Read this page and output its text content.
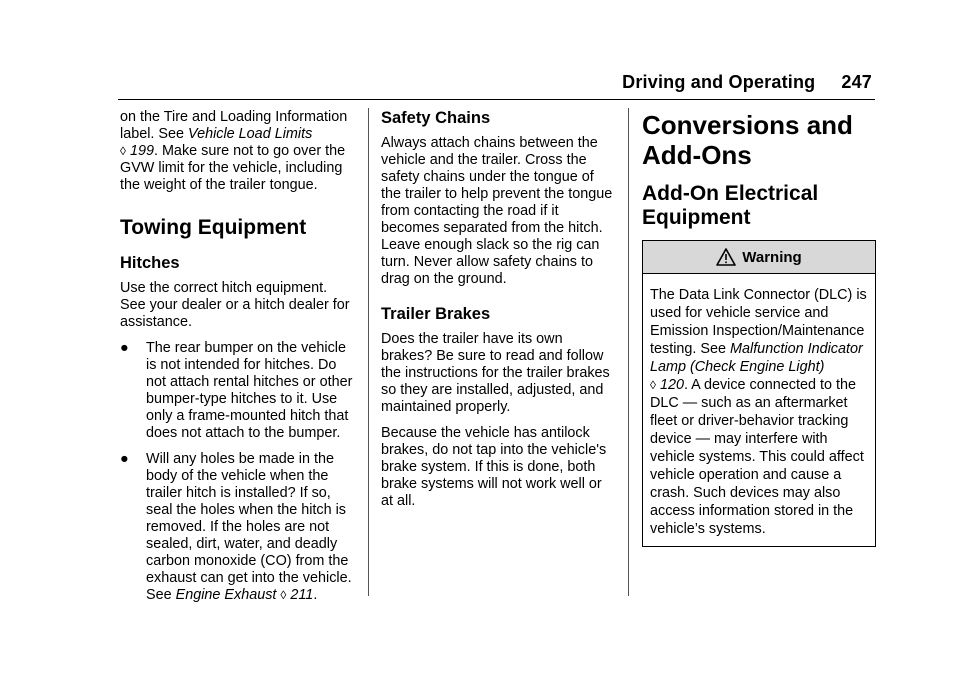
Driving and Operating 247

on the Tire and Loading Information label. See Vehicle Load Limits
◊ 199. Make sure not to go over the GVW limit for the vehicle, including the weight of the trailer tongue.

Towing Equipment
Hitches

Use the correct hitch equipment. See your dealer or a hitch dealer for assistance.

● The rear bumper on the vehicle is not intended for hitches. Do not attach rental hitches or other bumper-type hitches to it. Use only a frame-mounted hitch that does not attach to the bumper.
● Will any holes be made in the body of the vehicle when the trailer hitch is installed? If so, seal the holes when the hitch is removed. If the holes are not sealed, dirt, water, and deadly carbon monoxide (CO) from the exhaust can get into the vehicle. See Engine Exhaust ◊ 211.
Safety Chains

Always attach chains between the vehicle and the trailer. Cross the safety chains under the tongue of the trailer to help prevent the tongue from contacting the road if it becomes separated from the hitch. Leave enough slack so the rig can turn. Never allow safety chains to drag on the ground.

Trailer Brakes

Does the trailer have its own brakes? Be sure to read and follow the instructions for the trailer brakes so they are installed, adjusted, and maintained properly.

Because the vehicle has antilock brakes, do not tap into the vehicle's brake system. If this is done, both brake systems will not work well or at all.

Conversions and Add-Ons
Add-On Electrical Equipment
Warning
The Data Link Connector (DLC) is used for vehicle service and Emission Inspection/Maintenance testing. See Malfunction Indicator Lamp (Check Engine Light)
◊ 120. A device connected to the DLC — such as an aftermarket fleet or driver-behavior tracking device — may interfere with vehicle systems. This could affect vehicle operation and cause a crash. Such devices may also access information stored in the vehicle’s systems.
